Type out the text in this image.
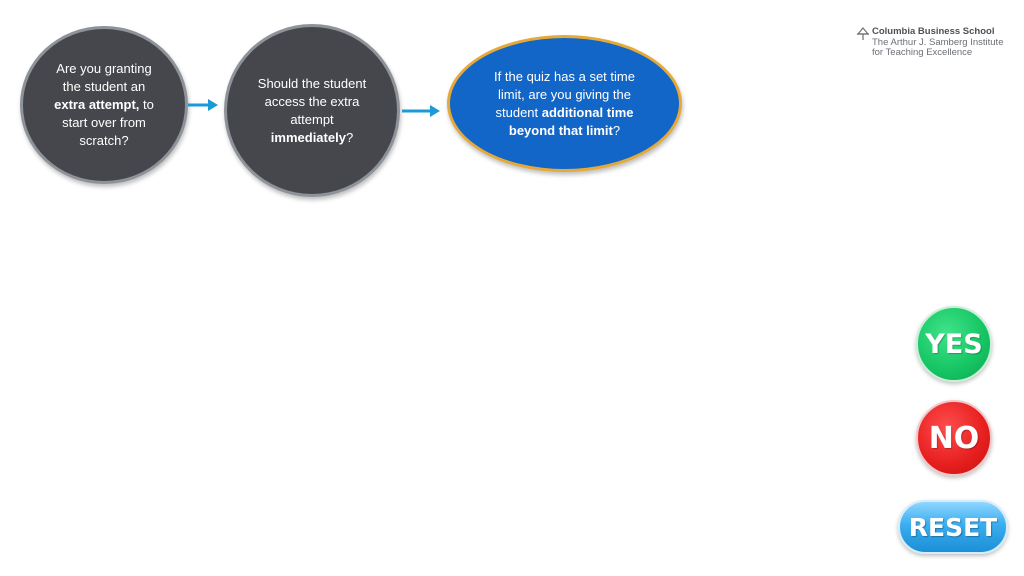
Columbia Business School
The Arthur J. Samberg Institute
for Teaching Excellence
Are you granting the student an extra attempt, to start over from scratch?
Should the student access the extra attempt immediately?
If the quiz has a set time limit, are you giving the student additional time beyond that limit?
YES
NO
RESET
